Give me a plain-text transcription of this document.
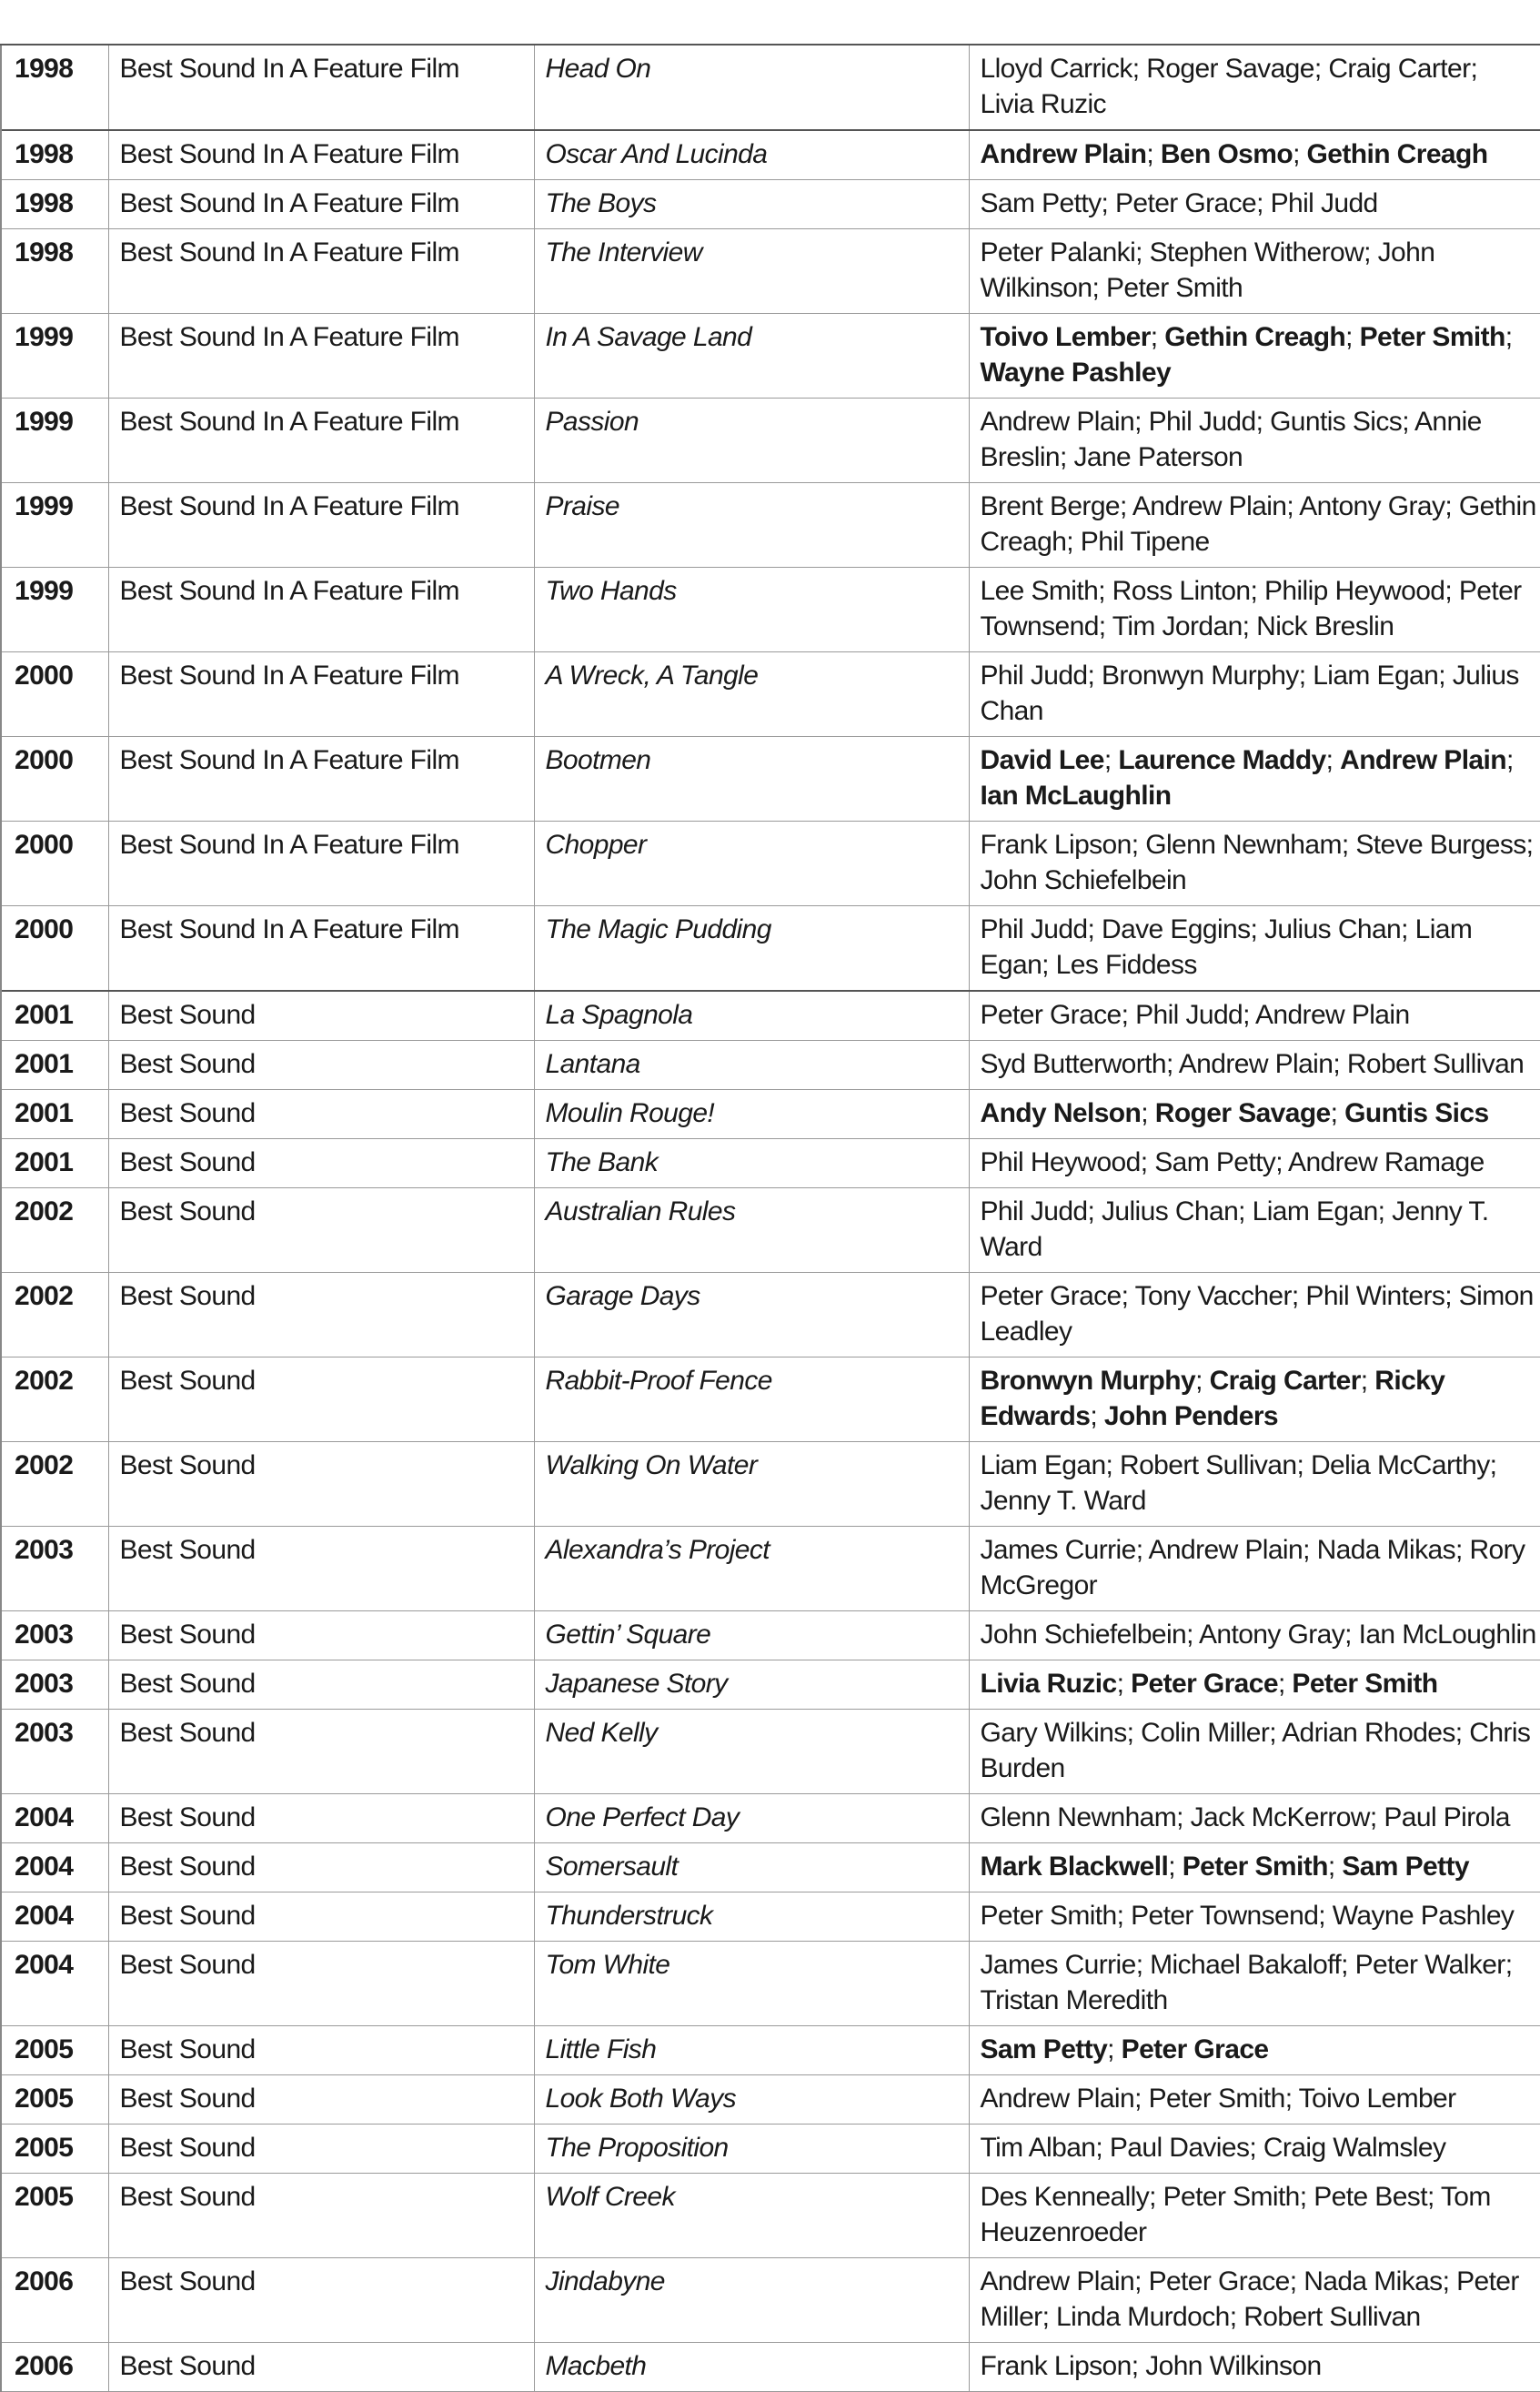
1998	Best Sound In A Feature Film	Head On	Lloyd Carrick; Roger Savage; Craig Carter; Livia Ruzic
1998	Best Sound In A Feature Film	Oscar And Lucinda	Andrew Plain; Ben Osmo; Gethin Creagh
1998	Best Sound In A Feature Film	The Boys	Sam Petty; Peter Grace; Phil Judd
1998	Best Sound In A Feature Film	The Interview	Peter Palanki; Stephen Witherow; John Wilkinson; Peter Smith
1999	Best Sound In A Feature Film	In A Savage Land	Toivo Lember; Gethin Creagh; Peter Smith; Wayne Pashley
1999	Best Sound In A Feature Film	Passion	Andrew Plain; Phil Judd; Guntis Sics; Annie Breslin; Jane Paterson
1999	Best Sound In A Feature Film	Praise	Brent Berge; Andrew Plain; Antony Gray; Gethin Creagh; Phil Tipene
1999	Best Sound In A Feature Film	Two Hands	Lee Smith; Ross Linton; Philip Heywood; Peter Townsend; Tim Jordan; Nick Breslin
2000	Best Sound In A Feature Film	A Wreck, A Tangle	Phil Judd; Bronwyn Murphy; Liam Egan; Julius Chan
2000	Best Sound In A Feature Film	Bootmen	David Lee; Laurence Maddy; Andrew Plain; Ian McLaughlin
2000	Best Sound In A Feature Film	Chopper	Frank Lipson; Glenn Newnham; Steve Burgess; John Schiefelbein
2000	Best Sound In A Feature Film	The Magic Pudding	Phil Judd; Dave Eggins; Julius Chan; Liam Egan; Les Fiddess
2001	Best Sound	La Spagnola	Peter Grace; Phil Judd; Andrew Plain
2001	Best Sound	Lantana	Syd Butterworth; Andrew Plain; Robert Sullivan
2001	Best Sound	Moulin Rouge!	Andy Nelson; Roger Savage; Guntis Sics
2001	Best Sound	The Bank	Phil Heywood; Sam Petty; Andrew Ramage
2002	Best Sound	Australian Rules	Phil Judd; Julius Chan; Liam Egan; Jenny T. Ward
2002	Best Sound	Garage Days	Peter Grace; Tony Vaccher; Phil Winters; Simon Leadley
2002	Best Sound	Rabbit-Proof Fence	Bronwyn Murphy; Craig Carter; Ricky Edwards; John Penders
2002	Best Sound	Walking On Water	Liam Egan; Robert Sullivan; Delia McCarthy; Jenny T. Ward
2003	Best Sound	Alexandra’s Project	James Currie; Andrew Plain; Nada Mikas; Rory McGregor
2003	Best Sound	Gettin’ Square	John Schiefelbein; Antony Gray; Ian McLoughlin
2003	Best Sound	Japanese Story	Livia Ruzic; Peter Grace; Peter Smith
2003	Best Sound	Ned Kelly	Gary Wilkins; Colin Miller; Adrian Rhodes; Chris Burden
2004	Best Sound	One Perfect Day	Glenn Newnham; Jack McKerrow; Paul Pirola
2004	Best Sound	Somersault	Mark Blackwell; Peter Smith; Sam Petty
2004	Best Sound	Thunderstruck	Peter Smith; Peter Townsend; Wayne Pashley
2004	Best Sound	Tom White	James Currie; Michael Bakaloff; Peter Walker; Tristan Meredith
2005	Best Sound	Little Fish	Sam Petty; Peter Grace
2005	Best Sound	Look Both Ways	Andrew Plain; Peter Smith; Toivo Lember
2005	Best Sound	The Proposition	Tim Alban; Paul Davies; Craig Walmsley
2005	Best Sound	Wolf Creek	Des Kenneally; Peter Smith; Pete Best; Tom Heuzenroeder
2006	Best Sound	Jindabyne	Andrew Plain; Peter Grace; Nada Mikas; Peter Miller; Linda Murdoch; Robert Sullivan
2006	Best Sound	Macbeth	Frank Lipson; John Wilkinson
